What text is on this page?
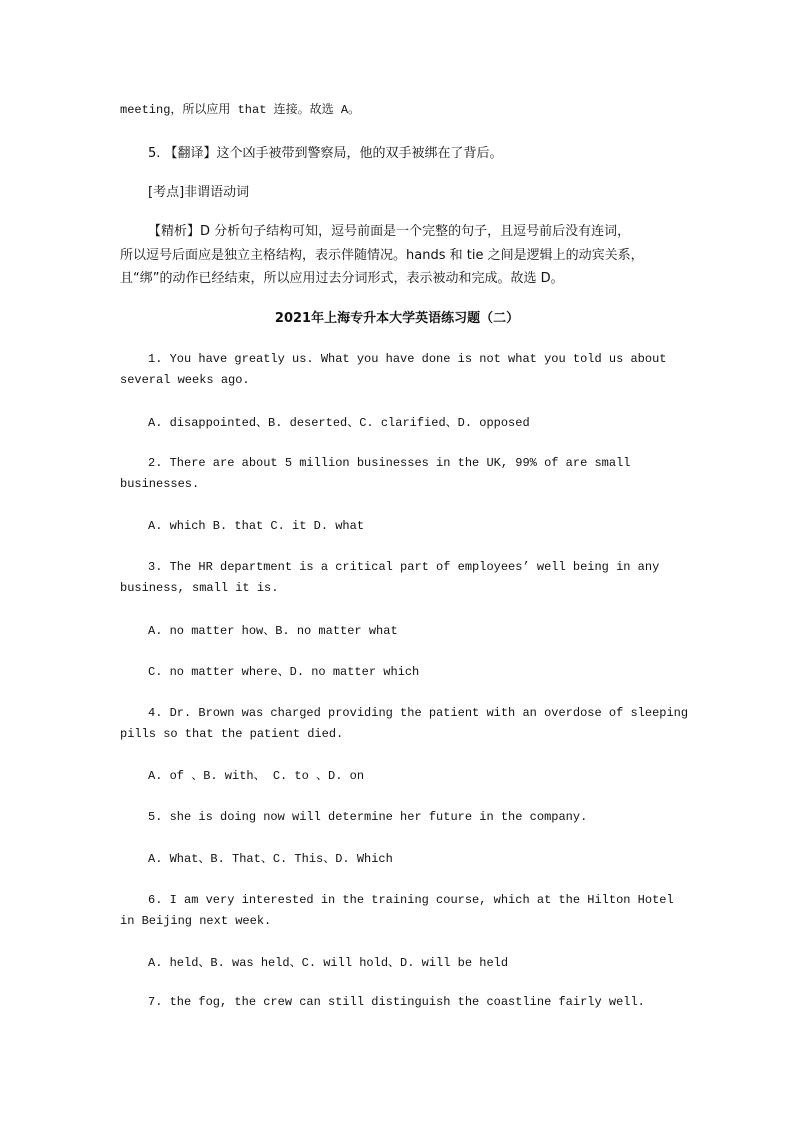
meeting，所以应用 that 连接。故选 A。
5. 【翻译】这个凶手被带到警察局，他的双手被绑在了背后。
[考点]非谓语动词
【精析】D 分析句子结构可知，逗号前面是一个完整的句子，且逗号前后没有连词，
所以逗号后面应是独立主格结构，表示伴随情况。hands 和 tie 之间是逻辑上的动宾关系，
且“绑”的动作已经结束，所以应用过去分词形式，表示被动和完成。故选 D。
2021年上海专升本大学英语练习题（二）
1. You have greatly us. What you have done is not what you told us about
several weeks ago.
A. disappointed、B. deserted、C. clarified、D. opposed
2. There are about 5 million businesses in the UK, 99% of are small
businesses.
A. which B. that C. it D. what
3. The HR department is a critical part of employees’ well being in any
business, small it is.
A. no matter how、B. no matter what
C. no matter where、D. no matter which
4. Dr. Brown was charged providing the patient with an overdose of sleeping
pills so that the patient died.
A. of 、B. with、 C. to 、D. on
5. she is doing now will determine her future in the company.
A. What、B. That、C. This、D. Which
6. I am very interested in the training course, which at the Hilton Hotel
in Beijing next week.
A. held、B. was held、C. will hold、D. will be held
7. the fog, the crew can still distinguish the coastline fairly well.
